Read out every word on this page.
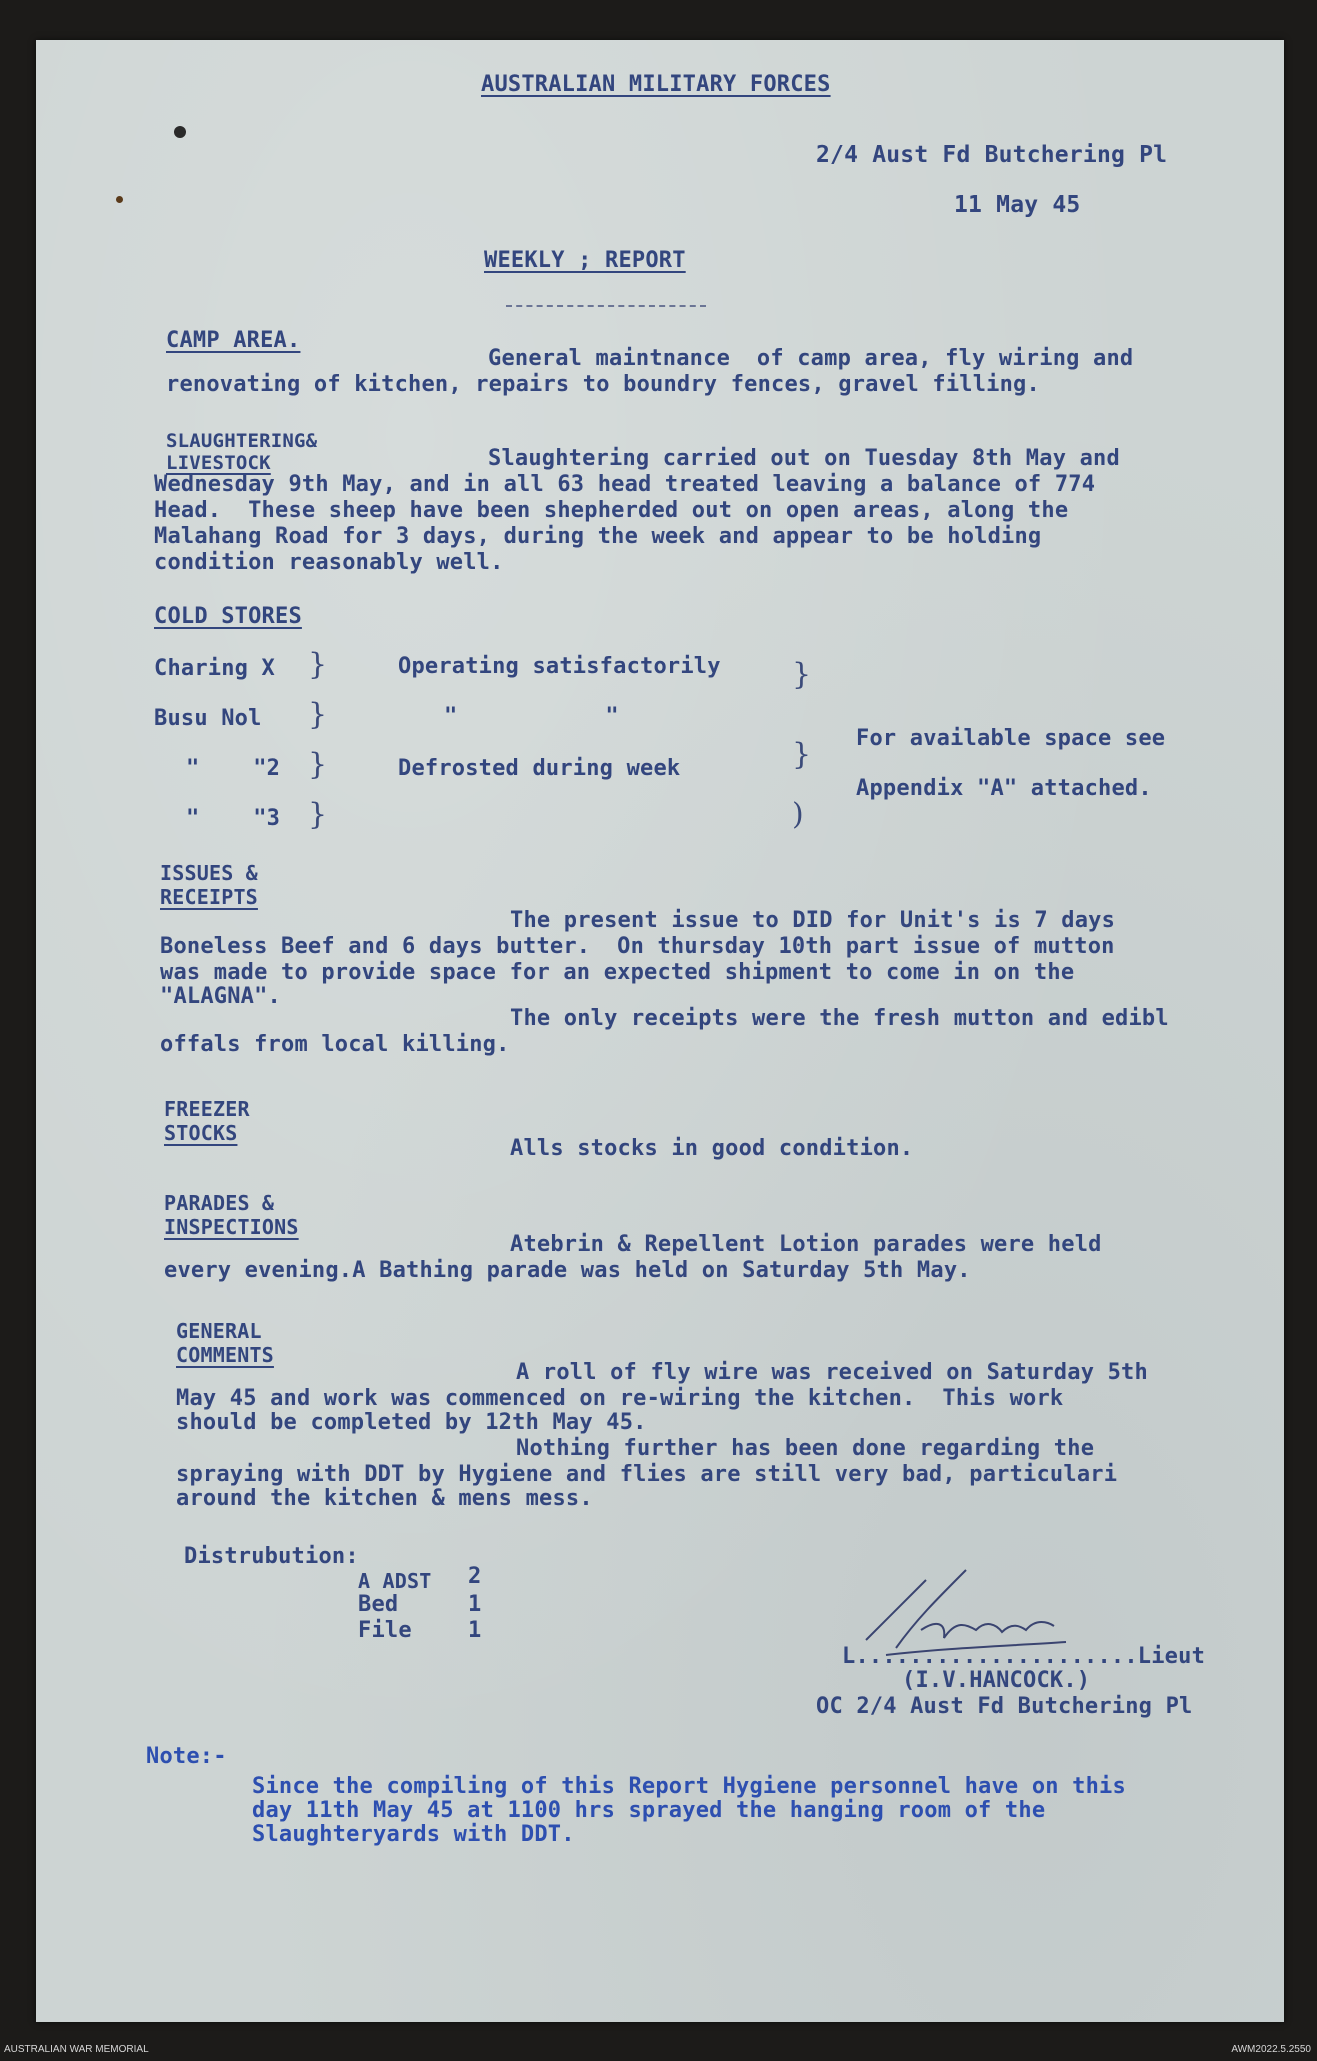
AUSTRALIAN MILITARY FORCES
2/4 Aust Fd Butchering Pl
11 May 45
WEEKLY ; REPORT
CAMP AREA.
General maintnance  of camp area, fly wiring and
renovating of kitchen, repairs to boundry fences, gravel filling.
SLAUGHTERING&
LIVESTOCK	Slaughtering carried out on Tuesday 8th May and
Wednesday 9th May, and in all 63 head treated leaving a balance of 774
Head.  These sheep have been shepherded out on open areas, along the
Malahang Road for 3 days, during the week and appear to be holding
condition reasonably well.
COLD STORES
Charing X	Operating satisfactorily
Busu Nol	"           "
"    "2	Defrosted during week
"    "3
}
}
}
}
}
}
)
For available space see
Appendix "A" attached.
ISSUES &
RECEIPTS
The present issue to DID for Unit's is 7 days
Boneless Beef and 6 days butter.  On thursday 10th part issue of mutton
was made to provide space for an expected shipment to come in on the
"ALAGNA".
The only receipts were the fresh mutton and edibl
offals from local killing.
FREEZER
STOCKS
Alls stocks in good condition.
PARADES &
INSPECTIONS
Atebrin & Repellent Lotion parades were held
every evening.A Bathing parade was held on Saturday 5th May.
GENERAL
COMMENTS
A roll of fly wire was received on Saturday 5th
May 45 and work was commenced on re-wiring the kitchen.  This work
should be completed by 12th May 45.
Nothing further has been done regarding the
spraying with DDT by Hygiene and flies are still very bad, particulari
around the kitchen & mens mess.
Distrubution:
A ADST 2
Bed	1
File	1
L.....................Lieut
(I.V.HANCOCK.)
OC 2/4 Aust Fd Butchering Pl
Note:-
Since the compiling of this Report Hygiene personnel have on this
day 11th May 45 at 1100 hrs sprayed the hanging room of the
Slaughteryards with DDT.
AUSTRALIAN WAR MEMORIAL	AWM2022.5.2550
